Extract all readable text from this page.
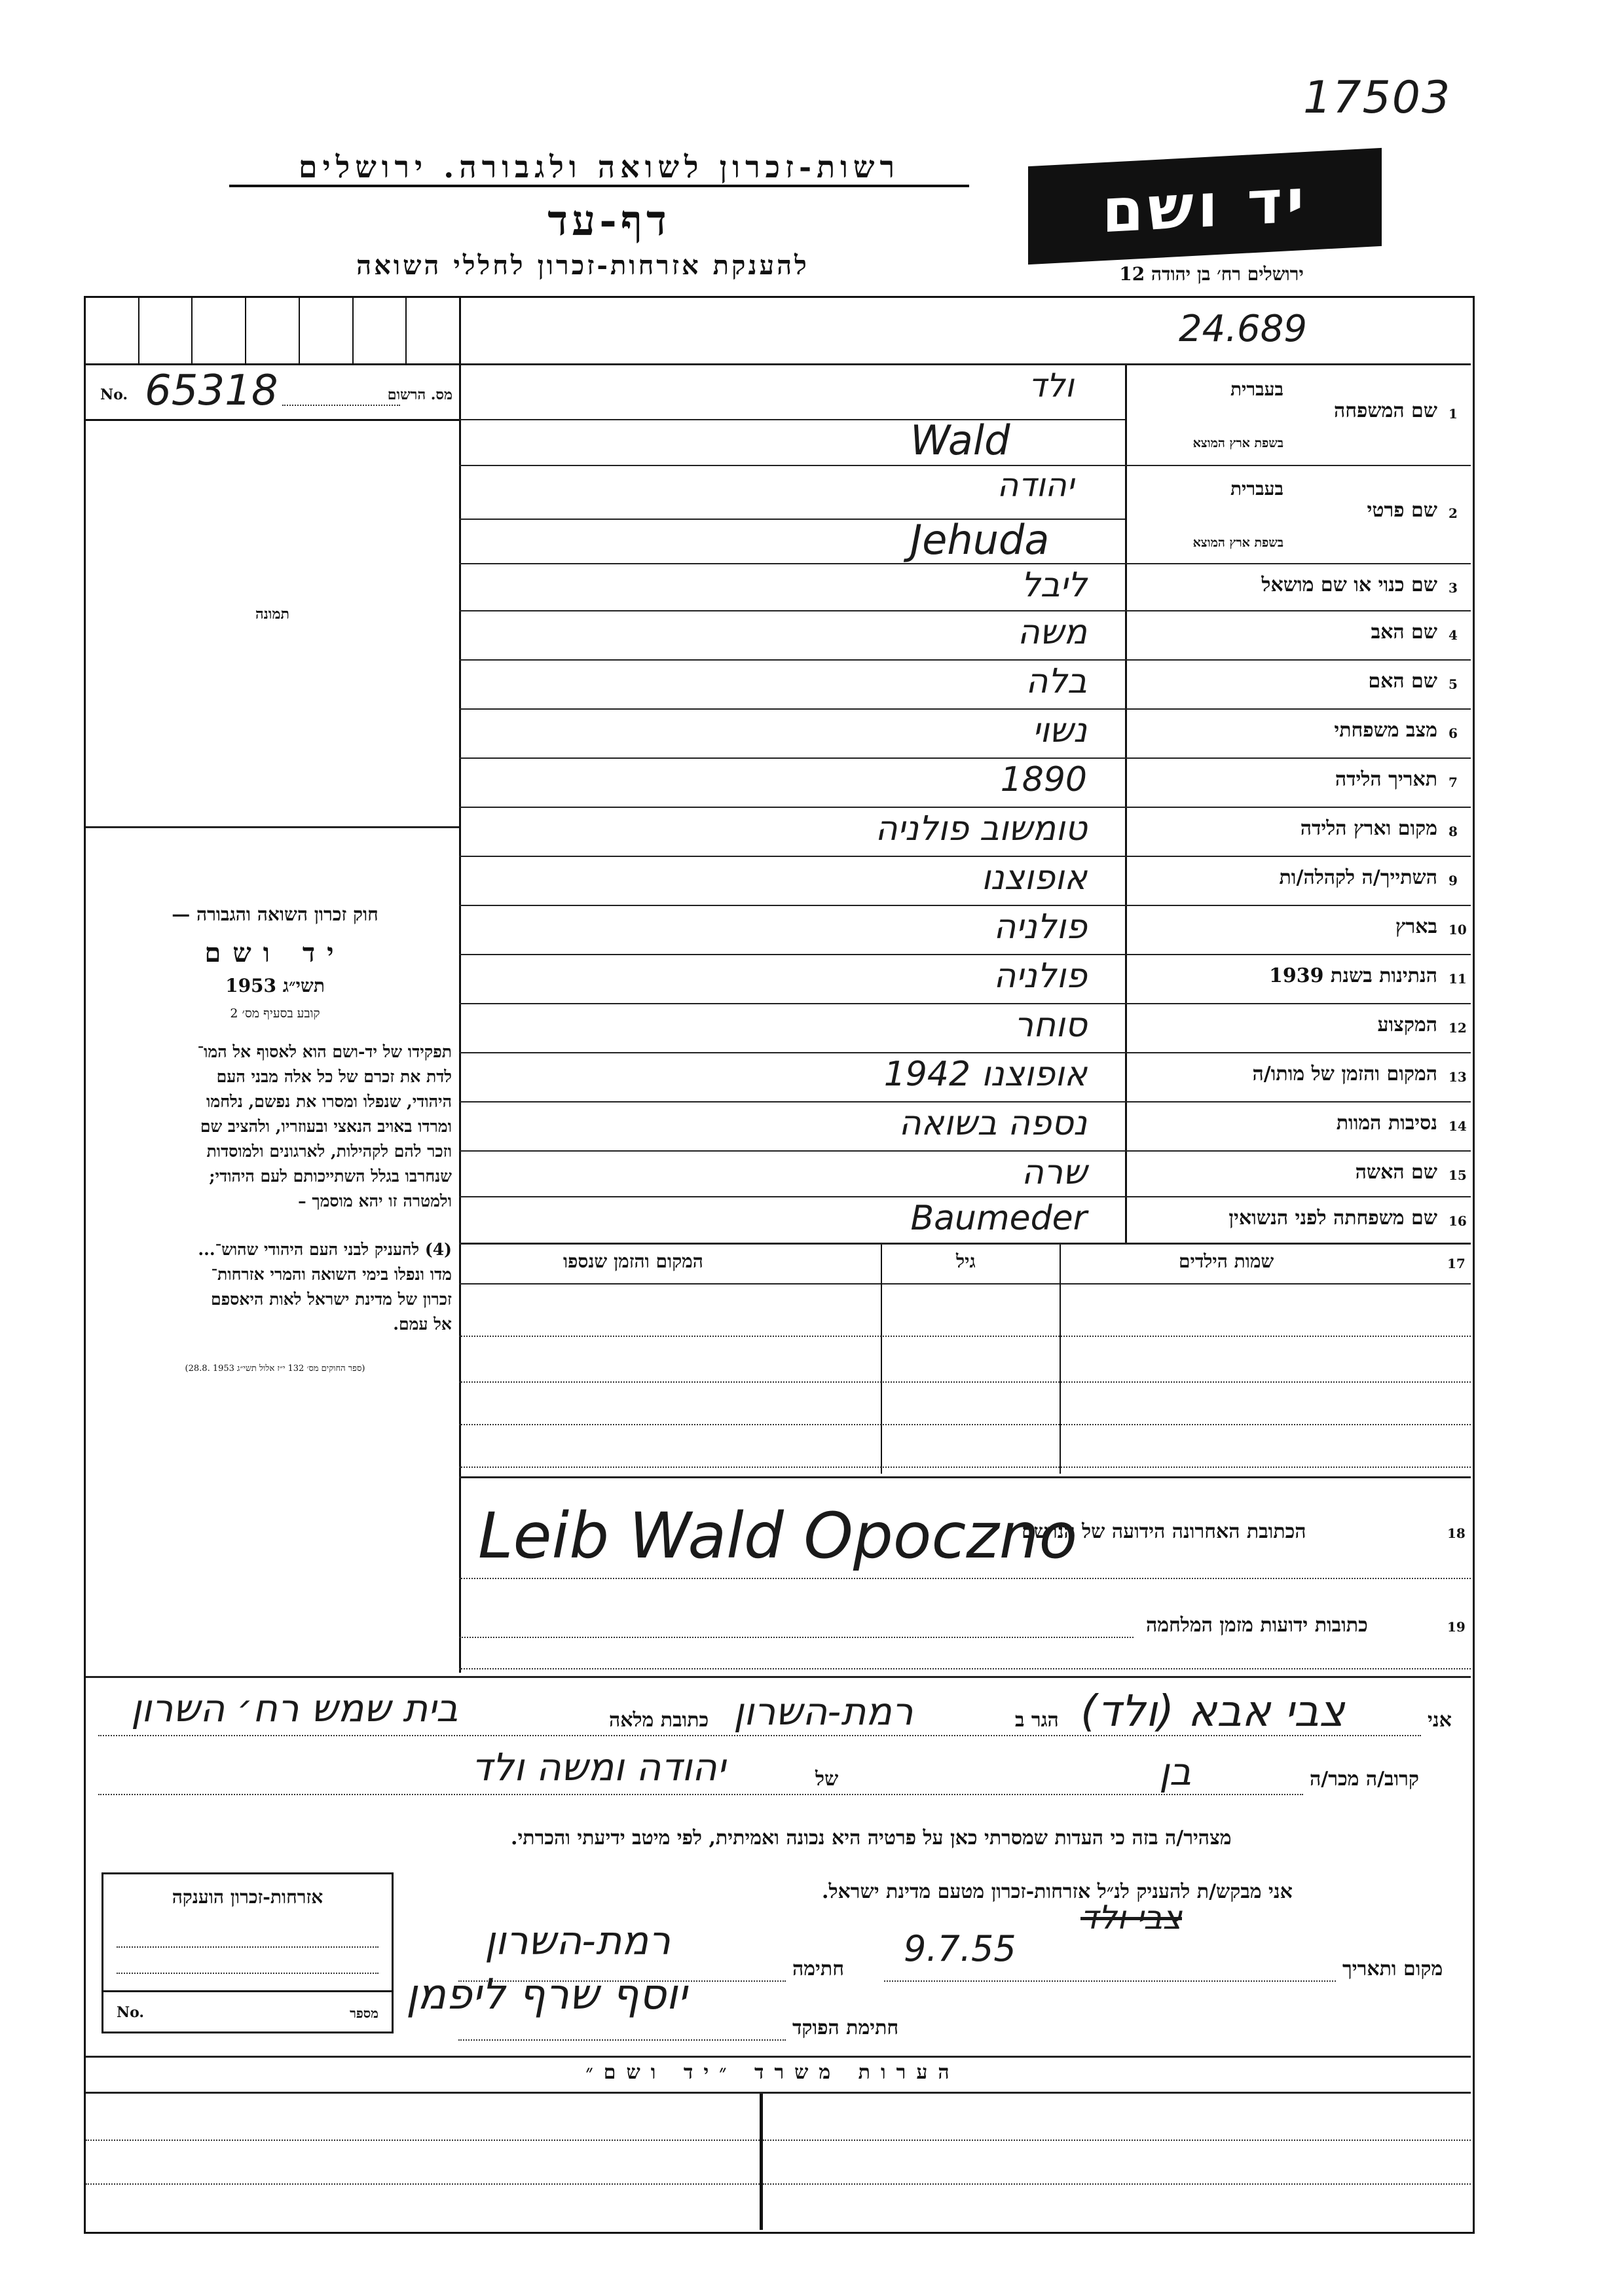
17503
רשות-זכרון לשואה ולגבורה. ירושלים
דף-עד
להענקת אזרחות-זכרון לחללי השואה
יד ושם
ירושלים רח׳ בן יהודה 12
24.689
No. 65318	מס. הרשום
תמונה
חוק זכרון השואה והגבורה —
יד ושם
תשי״ג 1953
קובע בסעיף מס׳ 2
תפקידו של יד-ושם הוא לאסוף אל המו־
לדת את זכרם של כל אלה מבני העם
היהודי, שנפלו ומסרו את נפשם, נלחמו
ומרדו באויב הנאצי ובעוזריו, ולהציב שם
וזכר להם לקהילות, לארגונים ולמוסדות
שנחרבו בגלל השתייכותם לעם היהודי;
ולמטרה זו יהא מוסמך –
(4) להעניק לבני העם היהודי שהוש־...
מדו ונפלו בימי השואה והמרי אזרחות־
זכרון של מדינת ישראל לאות היאספם
אל עמם.
(ספר החוקים מס׳ 132 י״ז אלול תשי״ג 1953 .28.8)
1
שם המשפחה
בעברית
בשפת ארץ המוצא
ולד
Wald
2
שם פרטי
בעברית
בשפת ארץ המוצא
יהודה
Jehuda
3
שם כנוי או שם מושאל
ליבל
4
שם האב
משה
5
שם האם
בלה
6
מצב משפחתי
נשוי
7
תאריך הלידה
1890
8
מקום וארץ הלידה
טומשוב פולניה
9
השתייך/ה לקהלה/ות
אופוצנו
10
בארץ
פולניה
11
הנתינות בשנת 1939
פולניה
12
המקצוע
סוחר
13
המקום והזמן של מותו/ה
אופוצנו 1942
14
נסיבות המוות
נספה בשואה
15
שם האשה
שרה
16
שם משפחתה לפני הנשואין
Baumeder
17
שמות הילדים
גיל
המקום והזמן שנספו
18
הכתובת האחרונה הידועה של הנרשם
Leib Wald Opoczno
19
כתובות ידועות מזמן המלחמה
אני
צבי אבא (ולד)
הגר ב
רמת-השרון
כתובת מלאה
בית שמש רח׳ השרון
קרוב/ה מכר/ה
בן
של
יהודה ומשה ולד
מצהיר/ה בזה כי העדות שמסרתי כאן על פרטיה היא נכונה ואמיתית, לפי מיטב ידיעתי והכרתי.
אני מבקש/ת להעניק לנ״ל אזרחות-זכרון מטעם מדינת ישראל.
מקום ותאריך
9.7.55
צבי ולד
חתימה
רמת-השרון
חתימת הפוקד
יוסף שרף ליפמן
אזרחות-זכרון הוענקה
No.	מספר
הערות משרד ״יד ושם״
